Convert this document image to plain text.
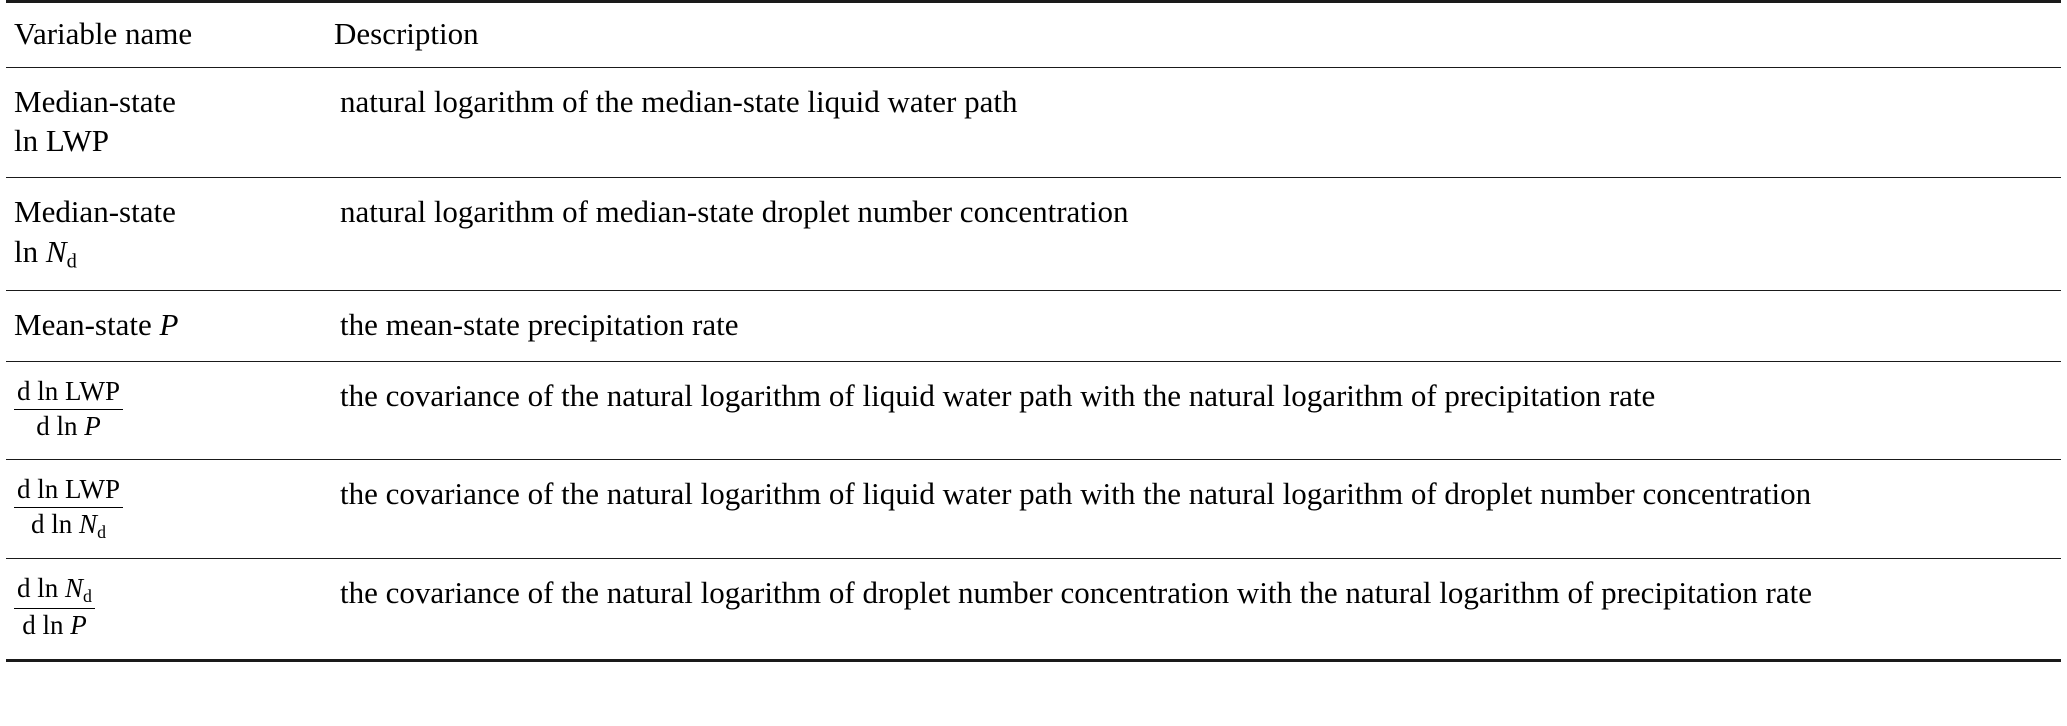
Variable name	Description

Median-state
ln LWP	natural logarithm of the median-state liquid water path

Median-state
$\ln N_d$	natural logarithm of median-state droplet number concentration

Mean-state P	the mean-state precipitation rate

$\frac{\text{d ln LWP}}{\text{d ln P}}$	the covariance of the natural logarithm of liquid water path with the natural logarithm of precipitation rate

$\frac{\text{d ln LWP}}{d \ln N_d}$	the covariance of the natural logarithm of liquid water path with the natural logarithm of droplet number concentration

$\frac{d \ln N_d}{\text{d ln P}}$	the covariance of the natural logarithm of droplet number concentration with the natural logarithm of precipitation rate
